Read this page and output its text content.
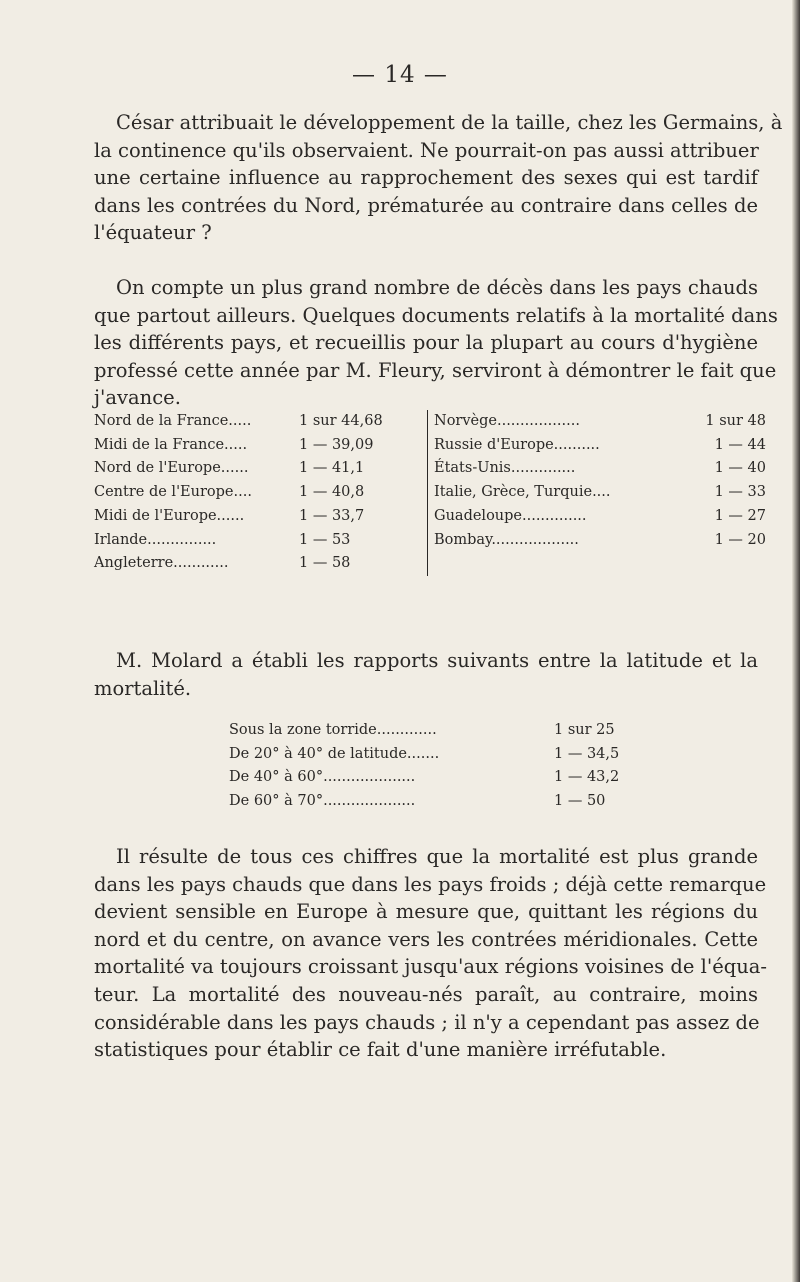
— 14 —

César attribuait le développement de la taille, chez les Germains, à
la continence qu'ils observaient. Ne pourrait-on pas aussi attribuer
une certaine influence au rapprochement des sexes qui est tardif
dans les contrées du Nord, prématurée au contraire dans celles de
l'équateur ?

On compte un plus grand nombre de décès dans les pays chauds
que partout ailleurs. Quelques documents relatifs à la mortalité dans
les différents pays, et recueillis pour la plupart au cours d'hygiène
professé cette année par M. Fleury, serviront à démontrer le fait que
j'avance.

Nord de la France.....	1 sur 44,68	Norvège..................	1 sur 48
Midi de la France.....	1 — 39,09	Russie d'Europe..........	1 — 44
Nord de l'Europe......	1 — 41,1	États-Unis..............	1 — 40
Centre de l'Europe....	1 — 40,8	Italie, Grèce, Turquie....	1 — 33
Midi de l'Europe......	1 — 33,7	Guadeloupe..............	1 — 27
Irlande...............	1 — 53	Bombay...................	1 — 20
Angleterre............	1 — 58		

M. Molard a établi les rapports suivants entre la latitude et la
mortalité.

Sous la zone torride.............	1 sur 25
De 20° à 40° de latitude.......	1 — 34,5
De 40° à 60°....................	1 — 43,2
De 60° à 70°....................	1 — 50

Il résulte de tous ces chiffres que la mortalité est plus grande
dans les pays chauds que dans les pays froids ; déjà cette remarque
devient sensible en Europe à mesure que, quittant les régions du
nord et du centre, on avance vers les contrées méridionales. Cette
mortalité va toujours croissant jusqu'aux régions voisines de l'équa-
teur. La mortalité des nouveau-nés paraît, au contraire, moins
considérable dans les pays chauds ; il n'y a cependant pas assez de
statistiques pour établir ce fait d'une manière irréfutable.
